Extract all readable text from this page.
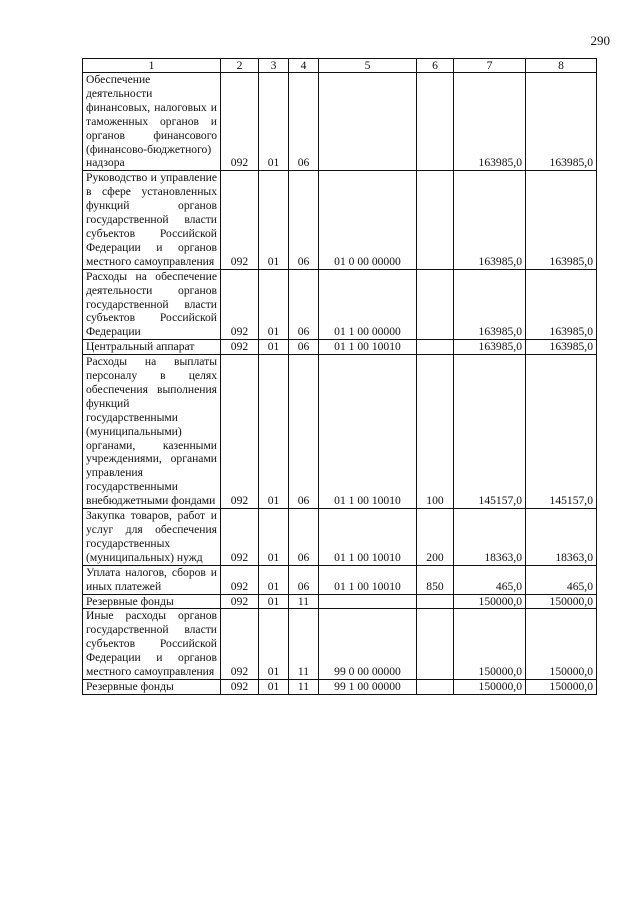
290
1	2	3	4	5	6	7	8
Обеспечение деятельности финансовых, налоговых и таможенных органов и органов финансового (финансово-бюджетного) надзора	092	01	06			163985,0	163985,0
Руководство и управление в сфере установленных функций органов государственной власти субъектов Российской Федерации и органов местного самоуправления	092	01	06	01 0 00 00000		163985,0	163985,0
Расходы на обеспечение деятельности органов государственной власти субъектов Российской Федерации	092	01	06	01 1 00 00000		163985,0	163985,0
Центральный аппарат	092	01	06	01 1 00 10010		163985,0	163985,0
Расходы на выплаты персоналу в целях обеспечения выполнения функций государственными (муниципальными) органами, казенными учреждениями, органами управления государственными внебюджетными фондами	092	01	06	01 1 00 10010	100	145157,0	145157,0
Закупка товаров, работ и услуг для обеспечения государственных (муниципальных) нужд	092	01	06	01 1 00 10010	200	18363,0	18363,0
Уплата налогов, сборов и иных платежей	092	01	06	01 1 00 10010	850	465,0	465,0
Резервные фонды	092	01	11			150000,0	150000,0
Иные расходы органов государственной власти субъектов Российской Федерации и органов местного самоуправления	092	01	11	99 0 00 00000		150000,0	150000,0
Резервные фонды	092	01	11	99 1 00 00000		150000,0	150000,0
